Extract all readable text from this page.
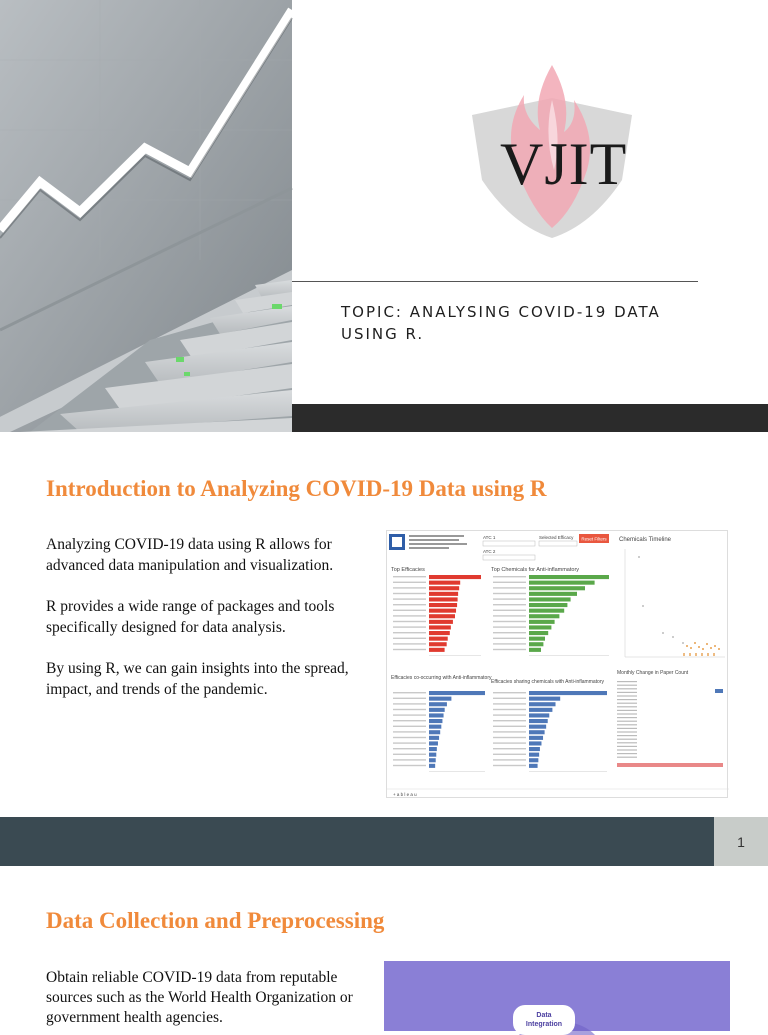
VJIT
TOPIC: ANALYSING COVID-19 DATA USING R.
Introduction to Analyzing COVID-19 Data using R

Analyzing COVID-19 data using R allows for advanced data manipulation and visualization.

R provides a wide range of packages and tools specifically designed for data analysis.

By using R, we can gain insights into the spread, impact, and trends of the pandemic.

ATC 1
ATC 2
Selected Efficacy Reset Filters Chemicals Timeline
Top Efficacies	Top Chemicals for Anti-inflammatory
Efficacies co-occurring with Anti-inflammatory
Efficacies sharing chemicals with Anti-inflammatory
Monthly Change in Paper Count
+ a b l e a u
1
Data Collection and Preprocessing
Obtain reliable COVID-19 data from reputable sources such as the World Health Organization or government health agencies.	Data
Integration
